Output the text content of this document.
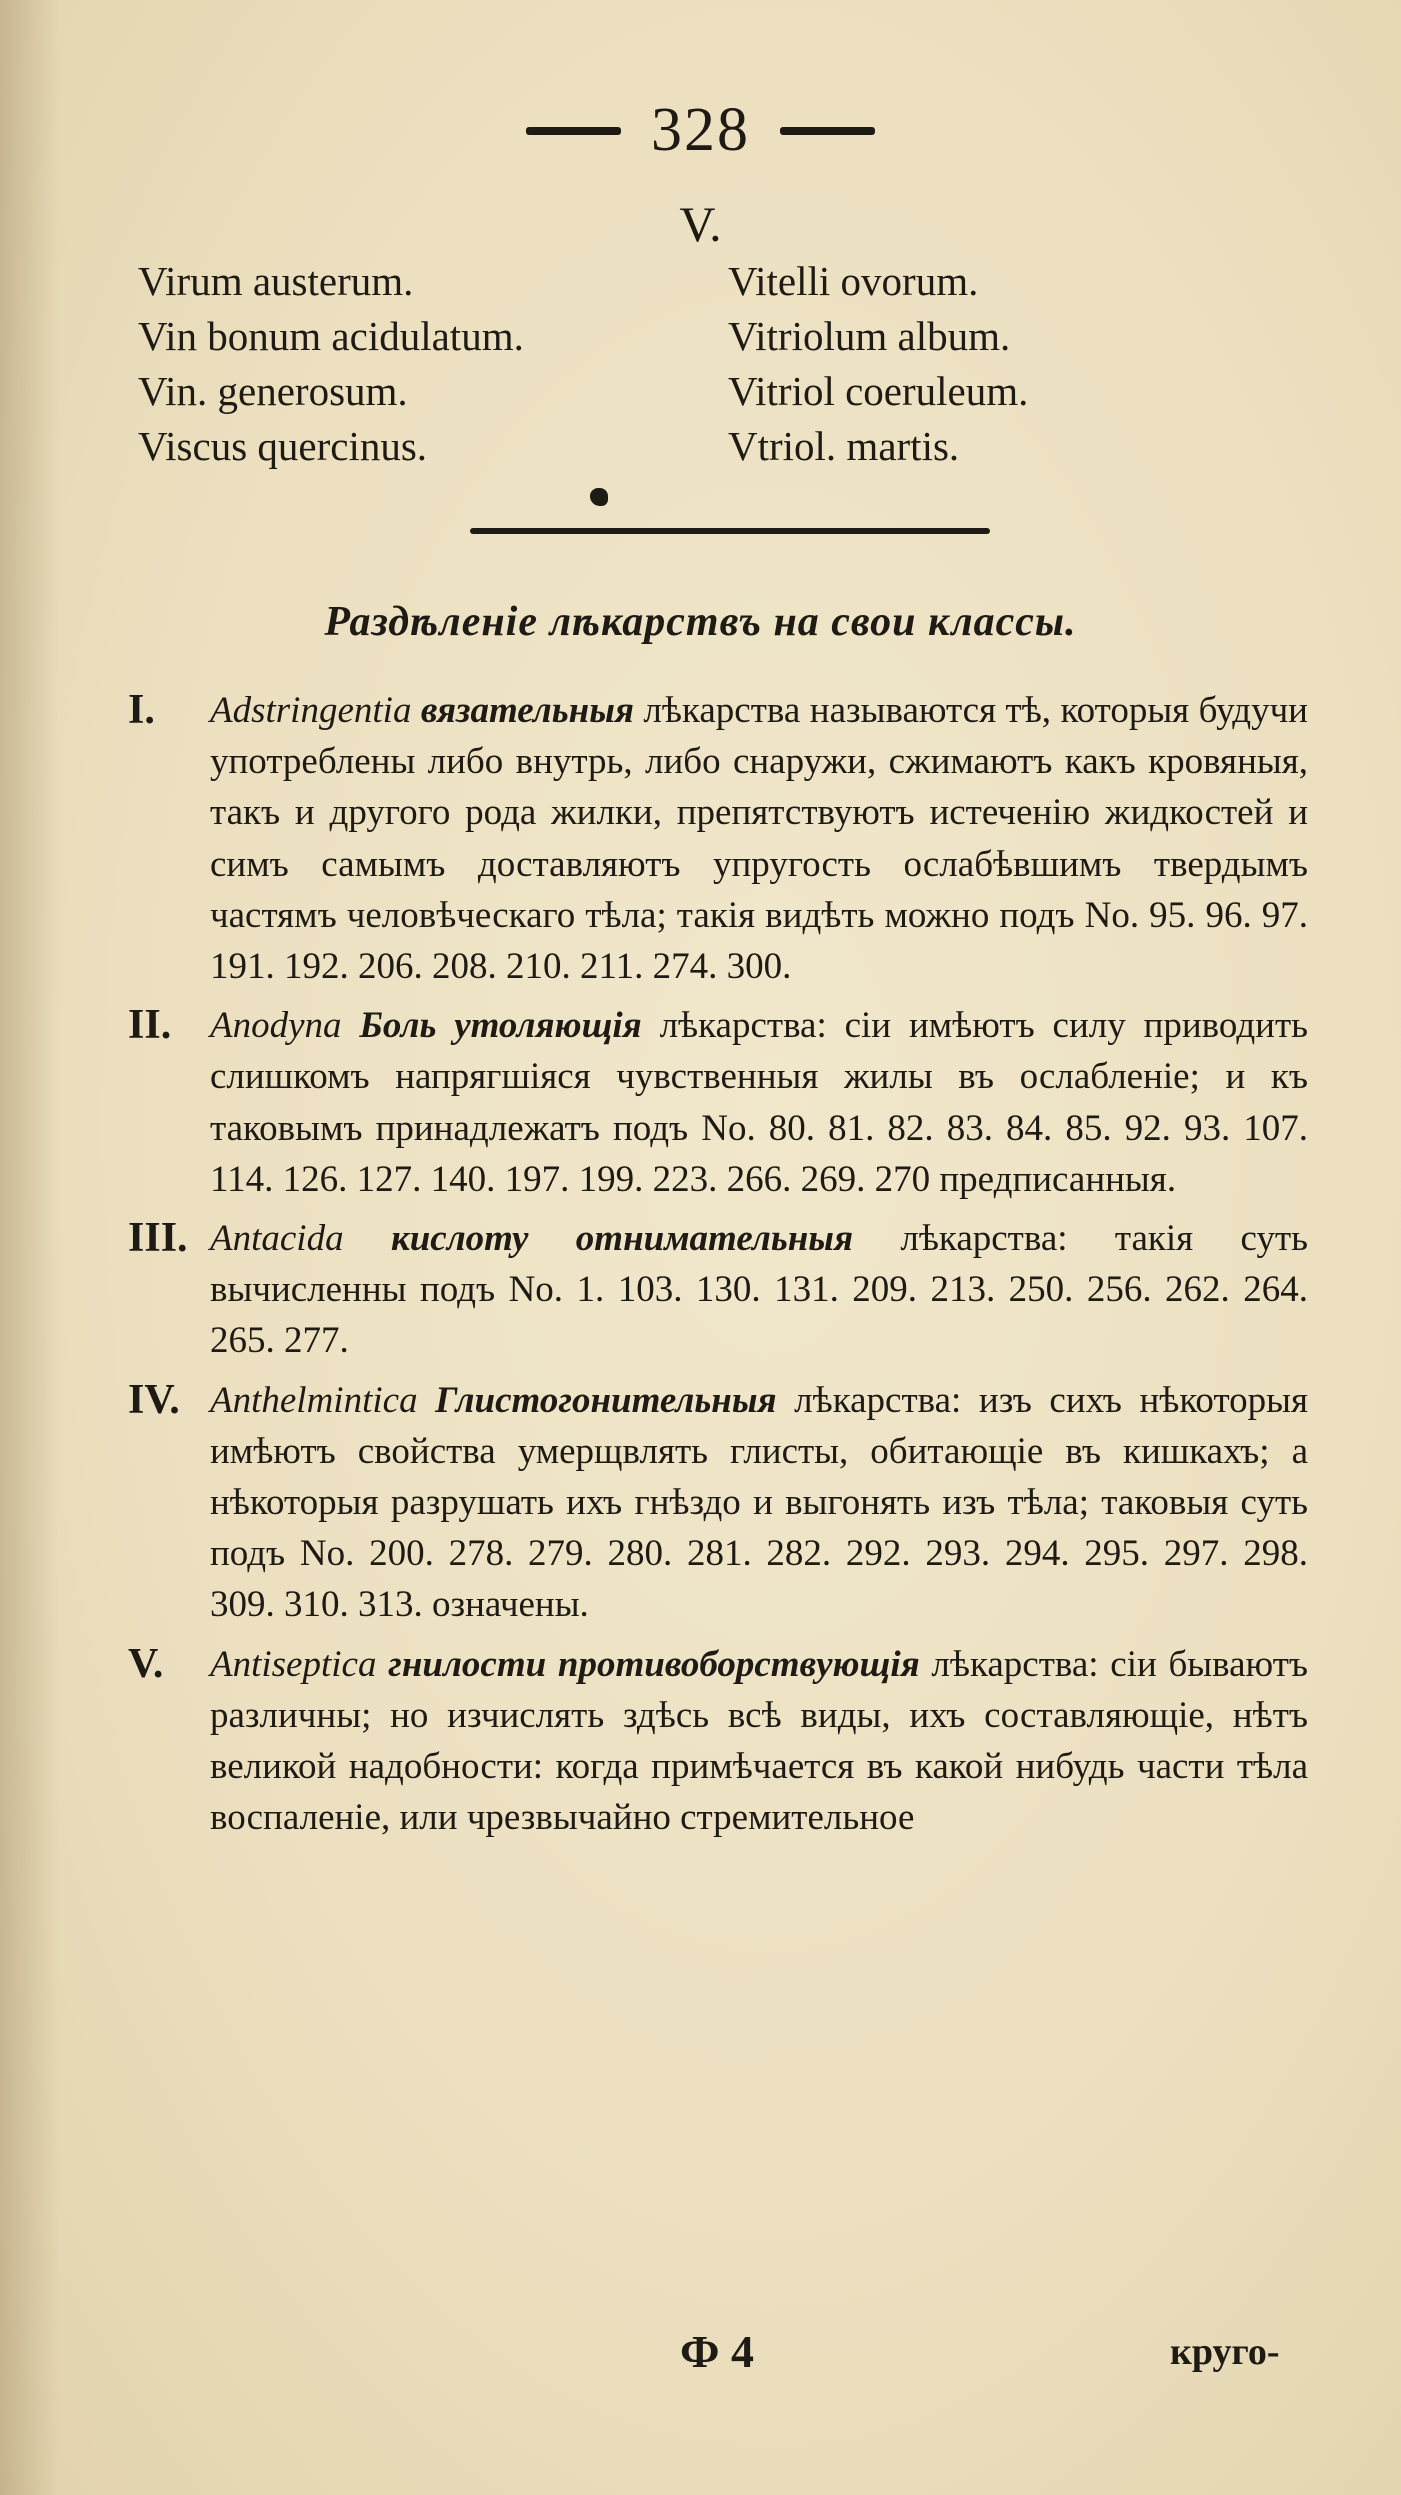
328
V.
Virum austerum.	Vitelli ovorum.
Vin bonum acidulatum.	Vitriolum album.
Vin. generosum.	Vitriol coeruleum.
Viscus quercinus.	Vtriol. martis.
Раздѣленіе лѣкарствъ на свои классы.
I. Adstringentia вязательныя лѣкарства называются тѣ, которыя будучи употреблены либо внутрь, либо снаружи, сжимаютъ какъ кровяныя, такъ и другого рода жилки, препятствуютъ истеченію жидкостей и симъ самымъ доставляютъ упругость ослабѣвшимъ твердымъ частямъ человѣческаго тѣла; такія видѣть можно подъ No. 95. 96. 97. 191. 192. 206. 208. 210. 211. 274. 300.
II. Anodyna Боль утоляющія лѣкарства: сіи имѣютъ силу приводить слишкомъ напрягшіяся чувственныя жилы въ ослабленіе; и къ таковымъ принадлежатъ подъ No. 80. 81. 82. 83. 84. 85. 92. 93. 107. 114. 126. 127. 140. 197. 199. 223. 266. 269. 270 предписанныя.
III. Antacida кислоту отнимательныя лѣкарства: такія суть вычисленны подъ No. 1. 103. 130. 131. 209. 213. 250. 256. 262. 264. 265. 277.
IV. Anthelmintica Глистогонительныя лѣкарства: изъ сихъ нѣкоторыя имѣютъ свойства умерщвлять глисты, обитающіе въ кишкахъ; а нѣкоторыя разрушать ихъ гнѣздо и выгонять изъ тѣла; таковыя суть подъ No. 200. 278. 279. 280. 281. 282. 292. 293. 294. 295. 297. 298. 309. 310. 313. означены.
V. Antiseptica гнилости противоборствующія лѣкарства: сіи бываютъ различны; но изчислять здѣсь всѣ виды, ихъ составляющіе, нѣтъ великой надобности: когда примѣчается въ какой нибудь части тѣла воспаленіе, или чрезвычайно стремительное
Ф 4	круго-
